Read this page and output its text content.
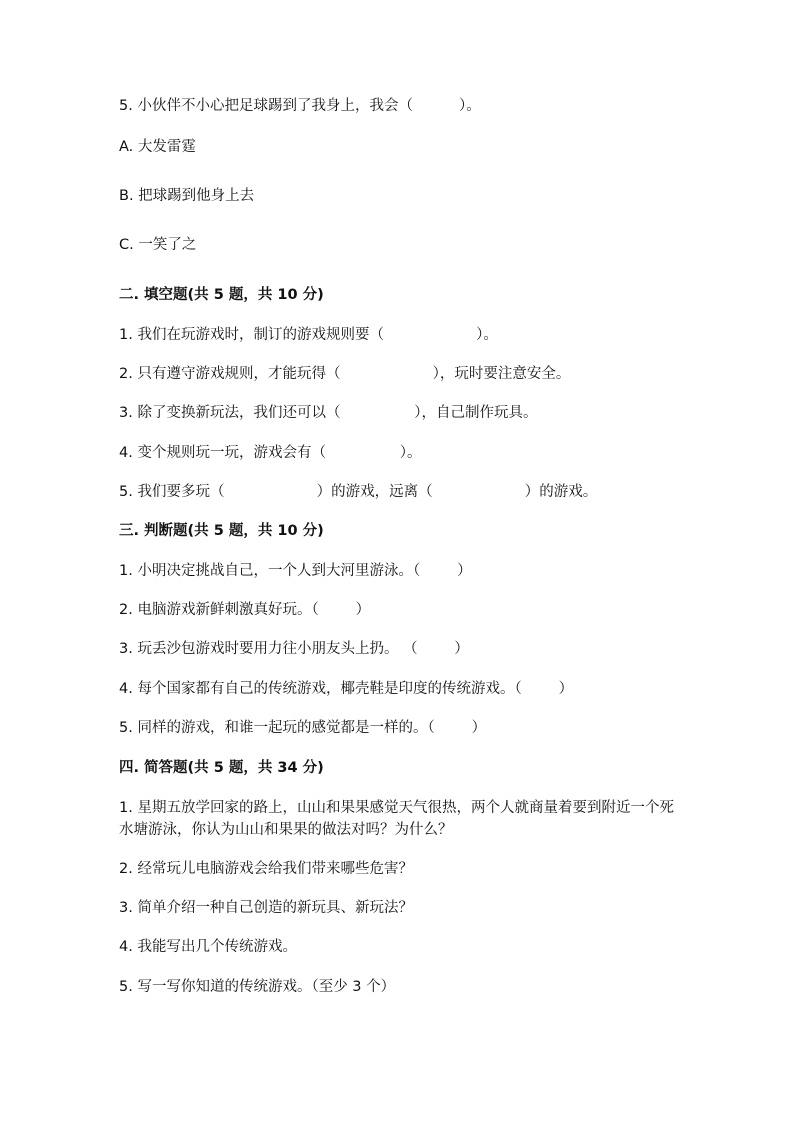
5. 小伙伴不小心把足球踢到了我身上，我会（          ）。
A. 大发雷霆
B. 把球踢到他身上去
C. 一笑了之
二. 填空题(共 5 题，共 10 分)
1. 我们在玩游戏时，制订的游戏规则要（                    ）。
2. 只有遵守游戏规则，才能玩得（                    ），玩时要注意安全。
3. 除了变换新玩法，我们还可以（                ），自己制作玩具。
4. 变个规则玩一玩，游戏会有（                ）。
5. 我们要多玩（                    ）的游戏，远离（                    ）的游戏。
三. 判断题(共 5 题，共 10 分)
1. 小明决定挑战自己，一个人到大河里游泳。（        ）
2. 电脑游戏新鲜刺激真好玩。（        ）
3. 玩丢沙包游戏时要用力往小朋友头上扔。 （        ）
4. 每个国家都有自己的传统游戏，椰壳鞋是印度的传统游戏。（        ）
5. 同样的游戏，和谁一起玩的感觉都是一样的。（        ）
四. 简答题(共 5 题，共 34 分)
1. 星期五放学回家的路上，山山和果果感觉天气很热，两个人就商量着要到附近一个死水塘游泳，你认为山山和果果的做法对吗？为什么？
2. 经常玩儿电脑游戏会给我们带来哪些危害？
3. 简单介绍一种自己创造的新玩具、新玩法？
4. 我能写出几个传统游戏。
5. 写一写你知道的传统游戏。（至少 3 个）
